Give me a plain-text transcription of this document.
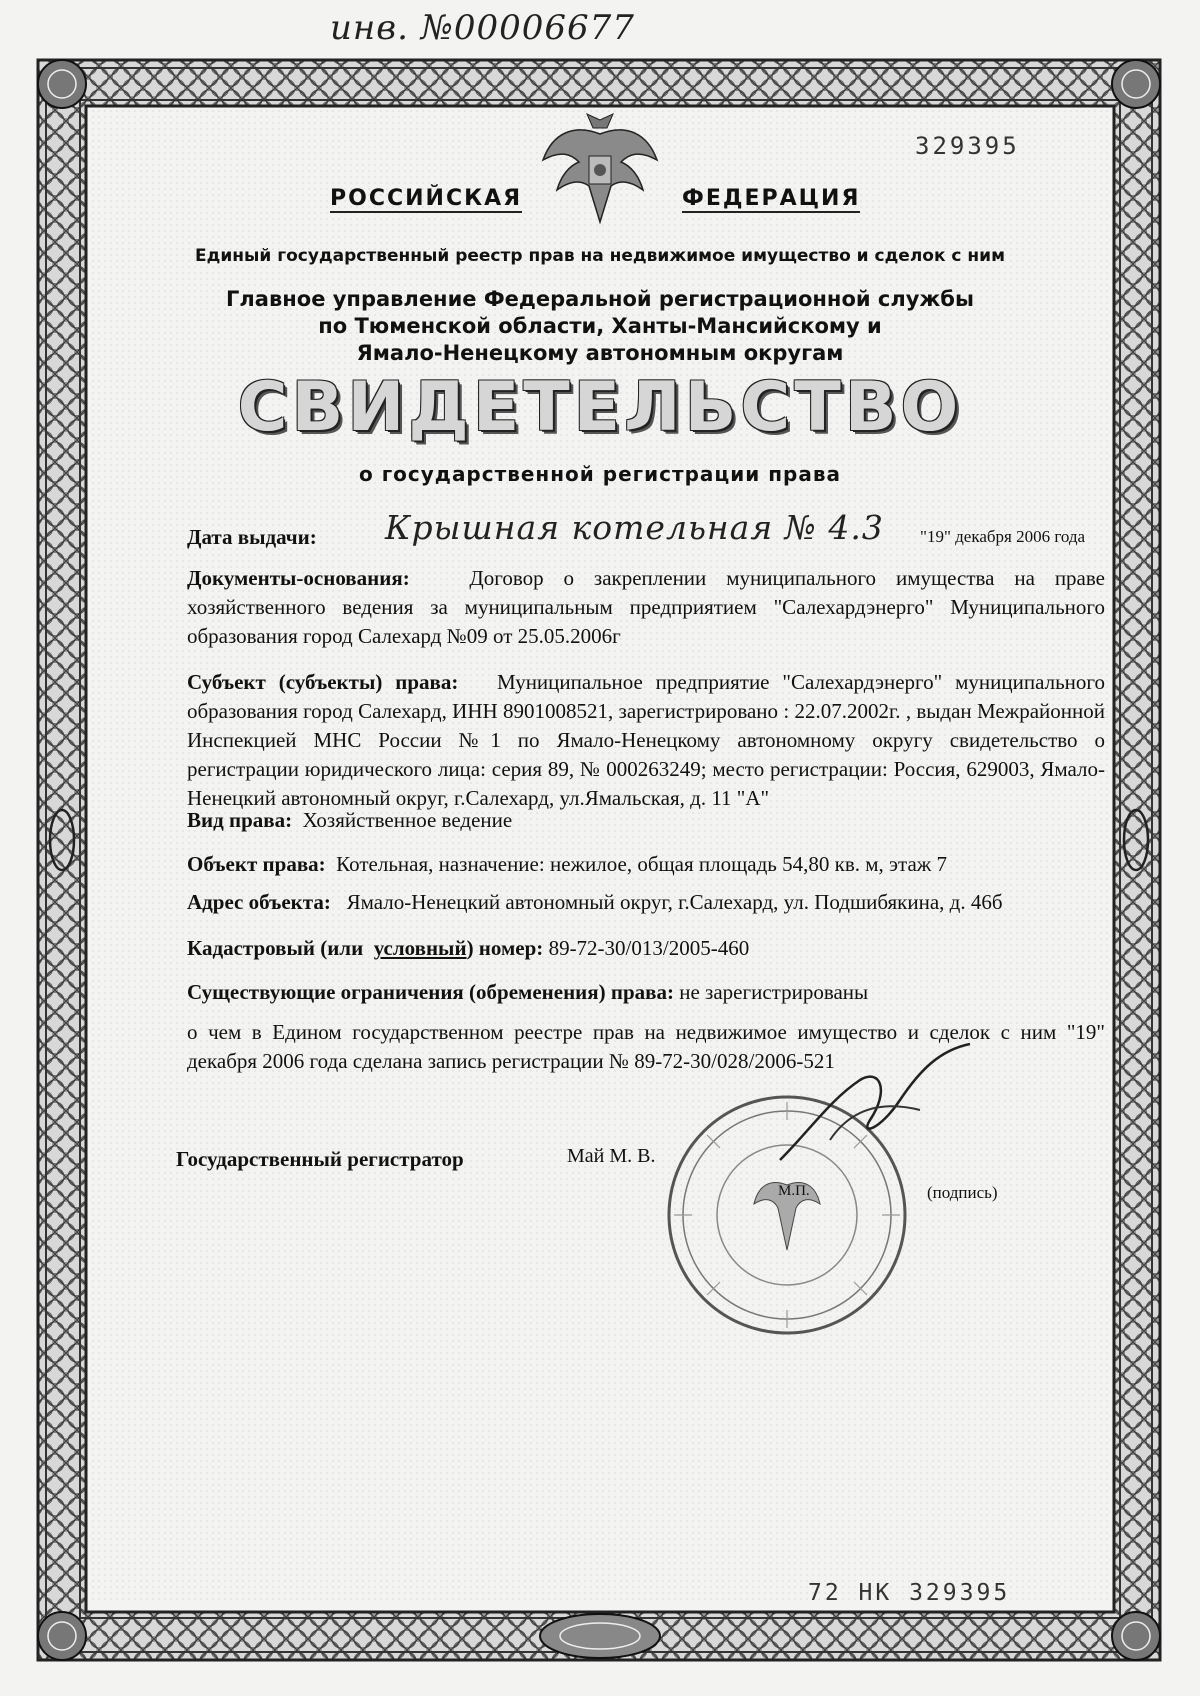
инв. №00006677
329395
РОССИЙСКАЯ	ФЕДЕРАЦИЯ
Единый государственный реестр прав на недвижимое имущество и сделок с ним
Главное управление Федеральной регистрационной службы
по Тюменской области, Ханты-Мансийскому и
Ямало-Ненецкому автономным округам
СВИДЕТЕЛЬСТВО
о государственной регистрации права
Дата выдачи: Крышная котельная № 4.3 "19" декабря 2006 года
Документы-основания:	Договор о закреплении муниципального имущества на праве хозяйственного ведения за муниципальным предприятием "Салехардэнерго" Муниципального образования город Салехард №09 от 25.05.2006г
Субъект (субъекты) права: Муниципальное предприятие "Салехардэнерго" муниципального образования город Салехард, ИНН 8901008521, зарегистрировано : 22.07.2002г. , выдан Межрайонной Инспекцией МНС России №1 по Ямало-Ненецкому автономному округу свидетельство о регистрации юридического лица: серия 89, № 000263249; место регистрации: Россия, 629003, Ямало-Ненецкий автономный округ, г.Салехард, ул.Ямальская, д. 11 "А"
Вид права: Хозяйственное ведение
Объект права: Котельная, назначение: нежилое, общая площадь 54,80 кв. м, этаж 7
Адрес объекта: Ямало-Ненецкий автономный округ, г.Салехард, ул. Подшибякина, д. 46б
Кадастровый (или условный) номер: 89-72-30/013/2005-460
Существующие ограничения (обременения) права: не зарегистрированы
о чем в Едином государственном реестре прав на недвижимое имущество и сделок с ним "19" декабря 2006 года сделана запись регистрации № 89-72-30/028/2006-521
Государственный регистратор	Май М. В.
М.П.	(подпись)
72 НК 329395
